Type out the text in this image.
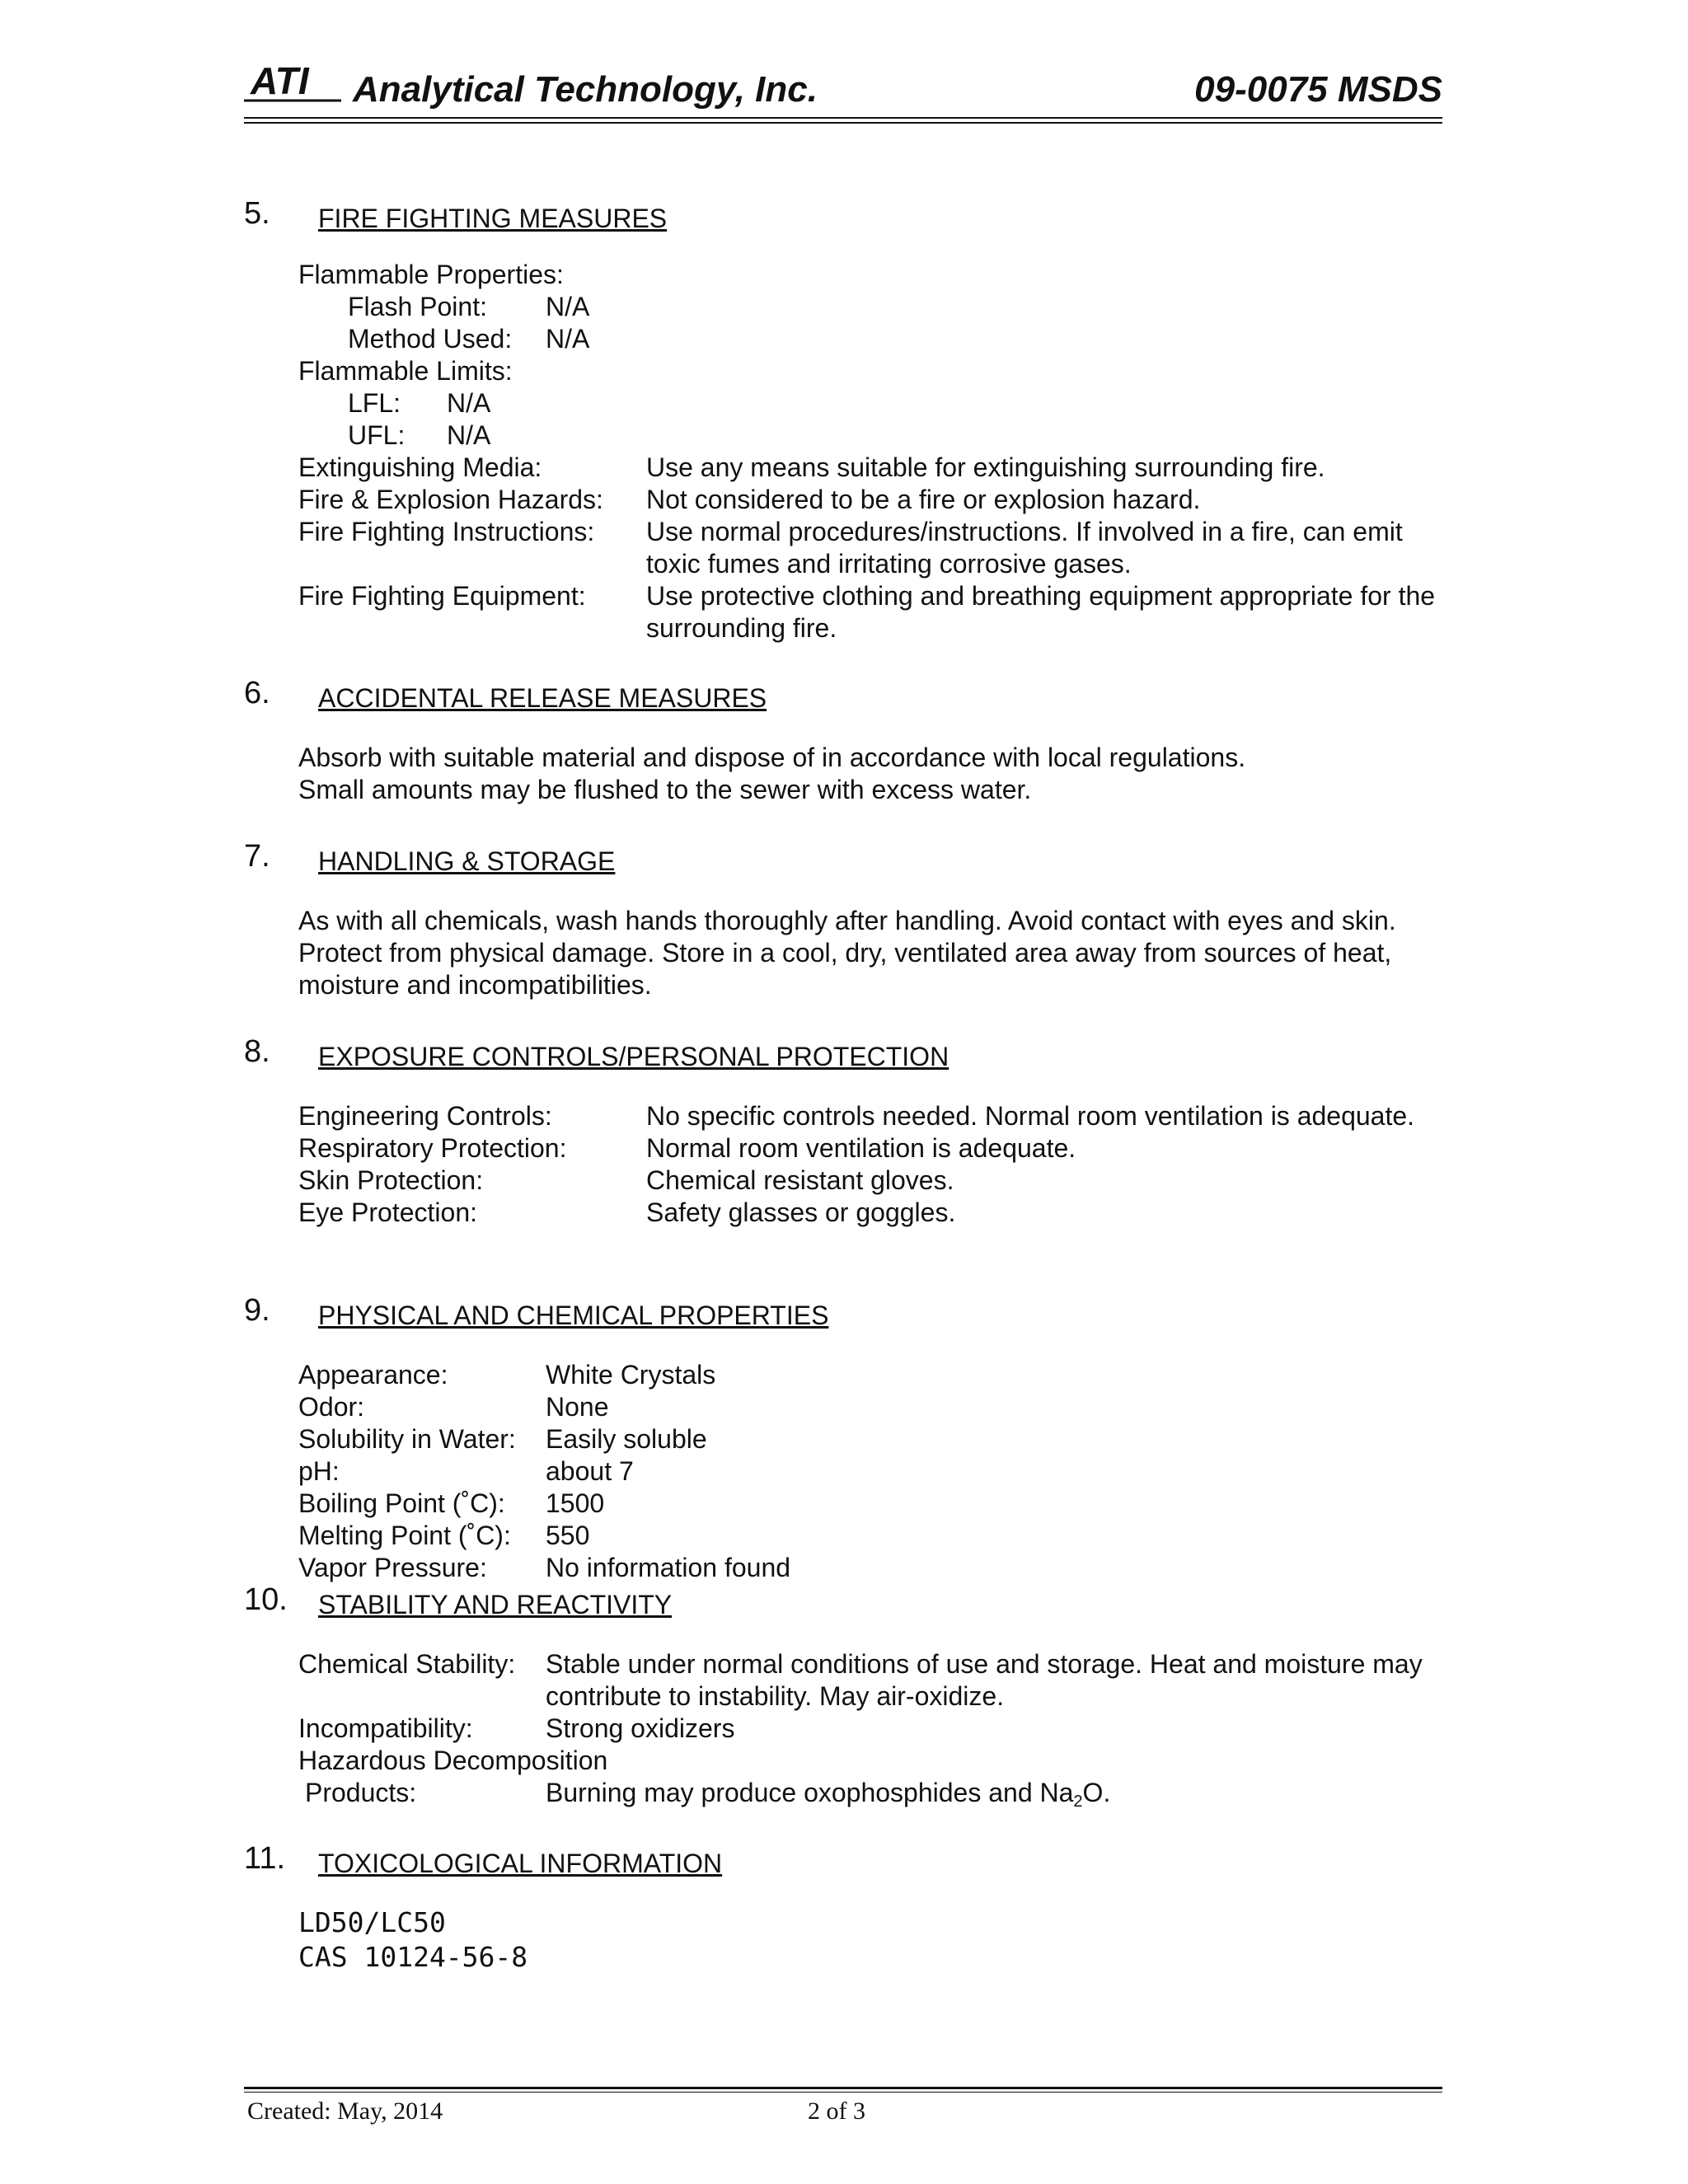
ATI Analytical Technology, Inc.	09-0075 MSDS
5. FIRE FIGHTING MEASURES
Flammable Properties:
Flash Point:	N/A
Method Used:	N/A
Flammable Limits:
LFL:	N/A
UFL:	N/A
Extinguishing Media:	Use any means suitable for extinguishing surrounding fire.
Fire & Explosion Hazards:	Not considered to be a fire or explosion hazard.
Fire Fighting Instructions:	Use normal procedures/instructions. If involved in a fire, can emit toxic fumes and irritating corrosive gases.
Fire Fighting Equipment:	Use protective clothing and breathing equipment appropriate for the surrounding fire.
6. ACCIDENTAL RELEASE MEASURES
Absorb with suitable material and dispose of in accordance with local regulations.
Small amounts may be flushed to the sewer with excess water.
7. HANDLING & STORAGE
As with all chemicals, wash hands thoroughly after handling. Avoid contact with eyes and skin. Protect from physical damage. Store in a cool, dry, ventilated area away from sources of heat, moisture and incompatibilities.
8. EXPOSURE CONTROLS/PERSONAL PROTECTION
Engineering Controls:	No specific controls needed. Normal room ventilation is adequate.
Respiratory Protection:	Normal room ventilation is adequate.
Skin Protection:	Chemical resistant gloves.
Eye Protection:	Safety glasses or goggles.
9. PHYSICAL AND CHEMICAL PROPERTIES
Appearance:	White Crystals
Odor:	None
Solubility in Water:	Easily soluble
pH:	about 7
Boiling Point (˚C):	1500
Melting Point (˚C):	550
Vapor Pressure:	No information found
10. STABILITY AND REACTIVITY
Chemical Stability:	Stable under normal conditions of use and storage. Heat and moisture may contribute to instability. May air-oxidize.
Incompatibility:	Strong oxidizers
Hazardous Decomposition
Products:	Burning may produce oxophosphides and $Na_2O$.
11. TOXICOLOGICAL INFORMATION
LD50/LC50
CAS 10124-56-8
Created: May, 2014	2 of 3
